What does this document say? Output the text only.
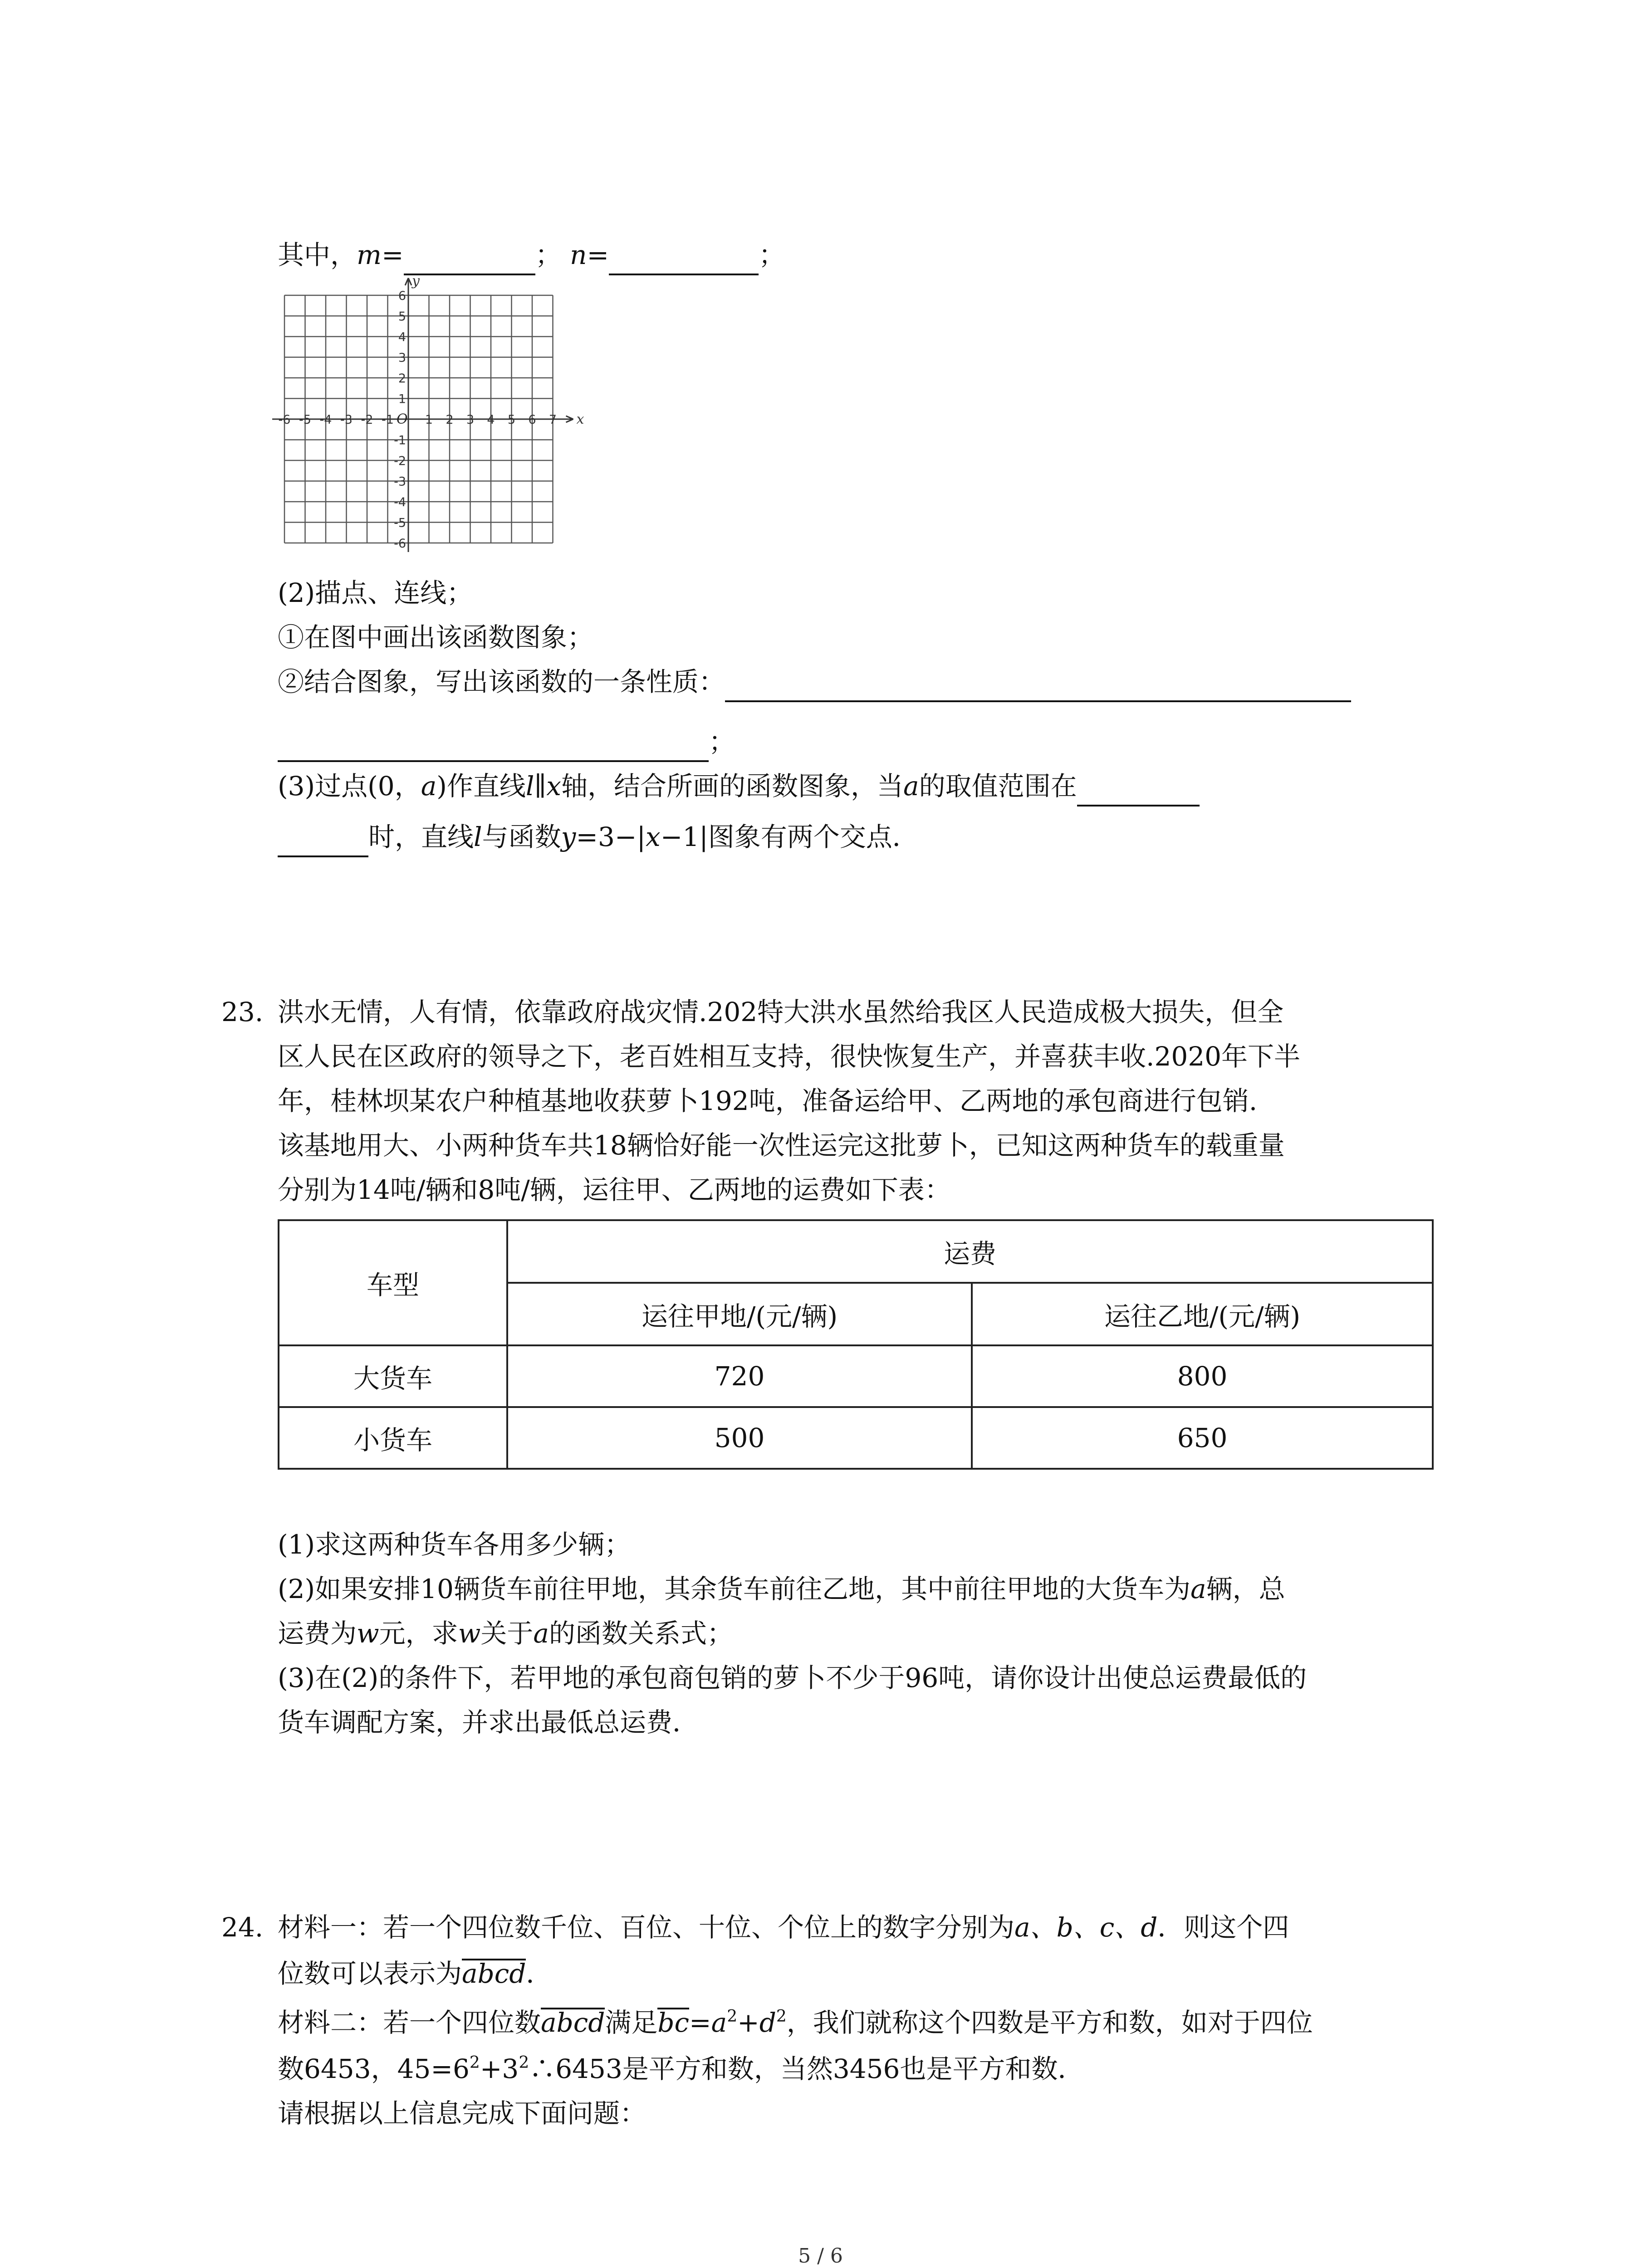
其中，m=	； n=	；
x
y
O
-6 -5 -4 -3 -2 -1	1 2 3 4 5 6 7
6
5
4
3
2
1
-1
-2
-3
-4
-5
-6
(2)描点、连线；
①在图中画出该函数图象；
②结合图象，写出该函数的一条性质：
；
(3)过点(0，a)作直线l∥x轴，结合所画的函数图象，当a的取值范围在
时，直线l与函数y=3−|x−1|图象有两个交点．
23. 洪水无情，人有情，依靠政府战灾情.202特大洪水虽然给我区人民造成极大损失，但全
区人民在区政府的领导之下，老百姓相互支持，很快恢复生产，并喜获丰收.2020年下半
年，桂林坝某农户种植基地收获萝卜192吨，准备运给甲、乙两地的承包商进行包销.
该基地用大、小两种货车共18辆恰好能一次性运完这批萝卜，已知这两种货车的载重量
分别为14吨/辆和8吨/辆，运往甲、乙两地的运费如下表：
车型	运费	
	运往甲地/(元/辆)	运往乙地/(元/辆)
大货车	720	800
小货车	500	650
(1)求这两种货车各用多少辆；
(2)如果安排10辆货车前往甲地，其余货车前往乙地，其中前往甲地的大货车为a辆，总
运费为w元，求w关于a的函数关系式；
(3)在(2)的条件下，若甲地的承包商包销的萝卜不少于96吨，请你设计出使总运费最低的
货车调配方案，并求出最低总运费．
24. 材料一：若一个四位数千位、百位、十位、个位上的数字分别为a、b、c、d．则这个四
位数可以表示为abcd．
材料二：若一个四位数abcd满足$bc=a^2+d^2$，我们就称这个四数是平方和数，如对于四位
数6453，$45=6^2+3^2\therefore 6453$是平方和数，当然3456也是平方和数．
请根据以上信息完成下面问题：
5 / 6
